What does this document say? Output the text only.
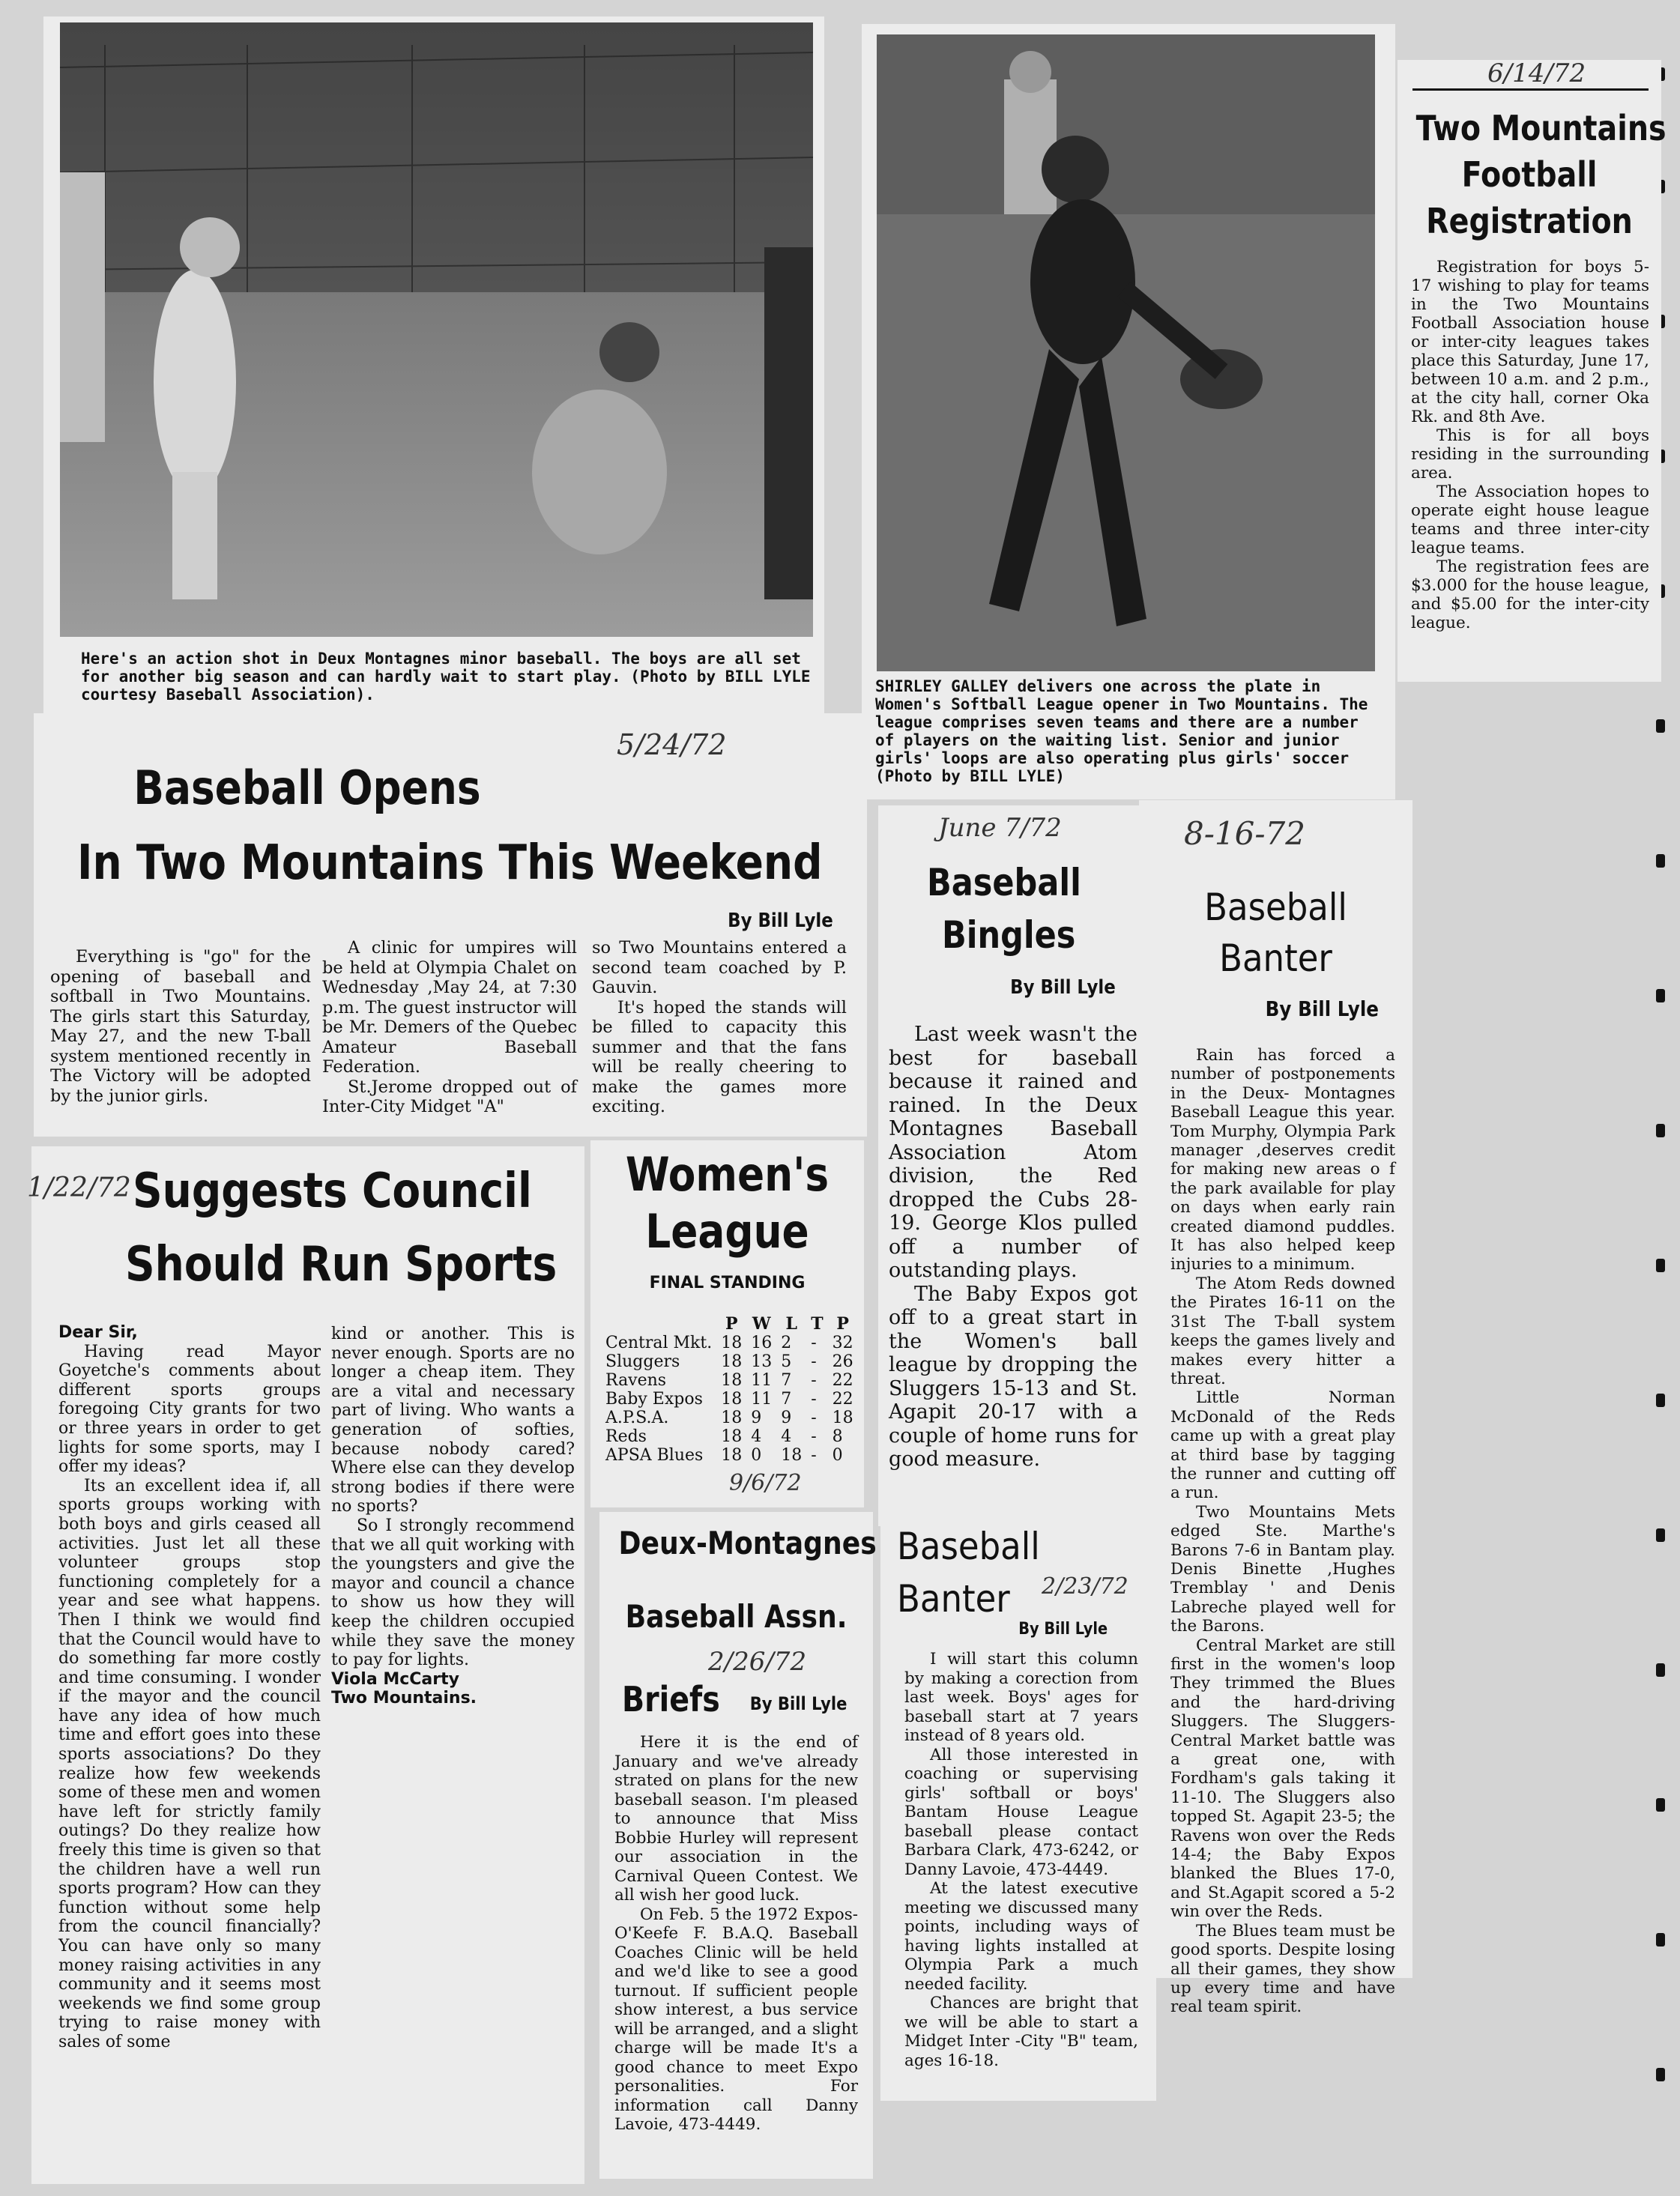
Here's an action shot in Deux Montagnes minor baseball. The boys are all set for another big season and can hardly wait to start play. (Photo by BILL LYLE courtesy Baseball Association).	SHIRLEY GALLEY delivers one across the plate in Women's Softball League opener in Two Mountains. The league comprises seven teams and there are a number of players on the waiting list. Senior and junior girls' loops are also operating plus girls' soccer (Photo by BILL LYLE)

6/14/72

Two Mountains

Football

Registration

Registration for boys 5-17 wishing to play for teams in the Two Mountains Football Association house or inter-city leagues takes place this Saturday, June 17, between 10 a.m. and 2 p.m., at the city hall, corner Oka Rk. and 8th Ave.

This is for all boys residing in the surrounding area.

The Association hopes to operate eight house league teams and three inter-city league teams.

The registration fees are $3.000 for the house league, and $5.00 for the inter-city league.

5/24/72

Baseball Opens

In Two Mountains This Weekend

By Bill Lyle

Everything is "go" for the opening of baseball and softball in Two Mountains. The girls start this Saturday, May 27, and the new T-ball system mentioned recently in The Victory will be adopted by the junior girls.

A clinic for umpires will be held at Olympia Chalet on Wednesday ,May 24, at 7:30 p.m. The guest instructor will be Mr. Demers of the Quebec Amateur Baseball Federation.

St.Jerome dropped out of Inter-City Midget "A"

so Two Mountains entered a second team coached by P. Gauvin.

It's hoped the stands will be filled to capacity this summer and that the fans will be really cheering to make the games more exciting.

June 7/72

Baseball

Bingles

By Bill Lyle

Last week wasn't the best for baseball because it rained and rained. In the Deux Montagnes Baseball Association Atom division, the Red dropped the Cubs 28-19. George Klos pulled off a number of outstanding plays.

The Baby Expos got off to a great start in the Women's ball league by dropping the Sluggers 15-13 and St. Agapit 20-17 with a couple of home runs for good measure.

8-16-72

Baseball

Banter

By Bill Lyle

Rain has forced a number of postponements in the Deux- Montagnes Baseball League this year. Tom Murphy, Olympia Park manager ,deserves credit for making new areas o f the park available for play on days when early rain created diamond puddles. It has also helped keep injuries to a minimum.

The Atom Reds downed the Pirates 16-11 on the 31st The T-ball system keeps the games lively and makes every hitter a threat.

Little Norman McDonald of the Reds came up with a great play at third base by tagging the runner and cutting off a run.

Two Mountains Mets edged Ste. Marthe's Barons 7-6 in Bantam play. Denis Binette ,Hughes Tremblay ' and Denis Labreche played well for the Barons.

Central Market are still first in the women's loop They trimmed the Blues and the hard-driving Sluggers. The Sluggers- Central Market battle was a great one, with Fordham's gals taking it 11-10. The Sluggers also topped St. Agapit 23-5; the Ravens won over the Reds 14-4; the Baby Expos blanked the Blues 17-0, and St.Agapit scored a 5-2 win over the Reds.

The Blues team must be good sports. Despite losing all their games, they show up every time and have real team spirit.

1/22/72 Suggests Council

Should Run Sports

Dear Sir,

Having read Mayor Goyetche's comments about different sports groups foregoing City grants for two or three years in order to get lights for some sports, may I offer my ideas?

Its an excellent idea if, all sports groups working with both boys and girls ceased all activities. Just let all these volunteer groups stop functioning completely for a year and see what happens. Then I think we would find that the Council would have to do something far more costly and time consuming. I wonder if the mayor and the council have any idea of how much time and effort goes into these sports associations? Do they realize how few weekends some of these men and women have left for strictly family outings? Do they realize how freely this time is given so that the children have a well run sports program? How can they function without some help from the council financially? You can have only so many money raising activities in any community and it seems most weekends we find some group trying to raise money with sales of some

kind or another. This is never enough. Sports are no longer a cheap item. They are a vital and necessary part of living. Who wants a generation of softies, because nobody cared? Where else can they develop strong bodies if there were no sports?

So I strongly recommend that we all quit working with the youngsters and give the mayor and council a chance to show us how they will keep the children occupied while they save the money to pay for lights.

Viola McCarty

Two Mountains.

Women's

League

FINAL STANDING

	P	W	L	T	P
Central Mkt.	18	16	2	-	32
Sluggers	18	13	5	-	26
Ravens	18	11	7	-	22
Baby Expos	18	11	7	-	22
A.P.S.A.	18	9	9	-	18
Reds	18	4	4	-	8
APSA Blues	18	0	18	-	0
9/6/72

Deux-Montagnes

Baseball Assn.

2/26/72

Briefs By Bill Lyle

Here it is the end of January and we've already strated on plans for the new baseball season. I'm pleased to announce that Miss Bobbie Hurley will represent our association in the Carnival Queen Contest. We all wish her good luck.

On Feb. 5 the 1972 Expos-O'Keefe F. B.A.Q. Baseball Coaches Clinic will be held and we'd like to see a good turnout. If sufficient people show interest, a bus service will be arranged, and a slight charge will be made It's a good chance to meet Expo personalities. For information call Danny Lavoie, 473-4449.

Baseball

Banter 2/23/72

By Bill Lyle

I will start this column by making a corection from last week. Boys' ages for baseball start at 7 years instead of 8 years old.

All those interested in coaching or supervising girls' softball or boys' Bantam House League baseball please contact Barbara Clark, 473-6242, or Danny Lavoie, 473-4449.

At the latest executive meeting we discussed many points, including ways of having lights installed at Olympia Park a much needed facility.

Chances are bright that we will be able to start a Midget Inter -City "B" team, ages 16-18.
